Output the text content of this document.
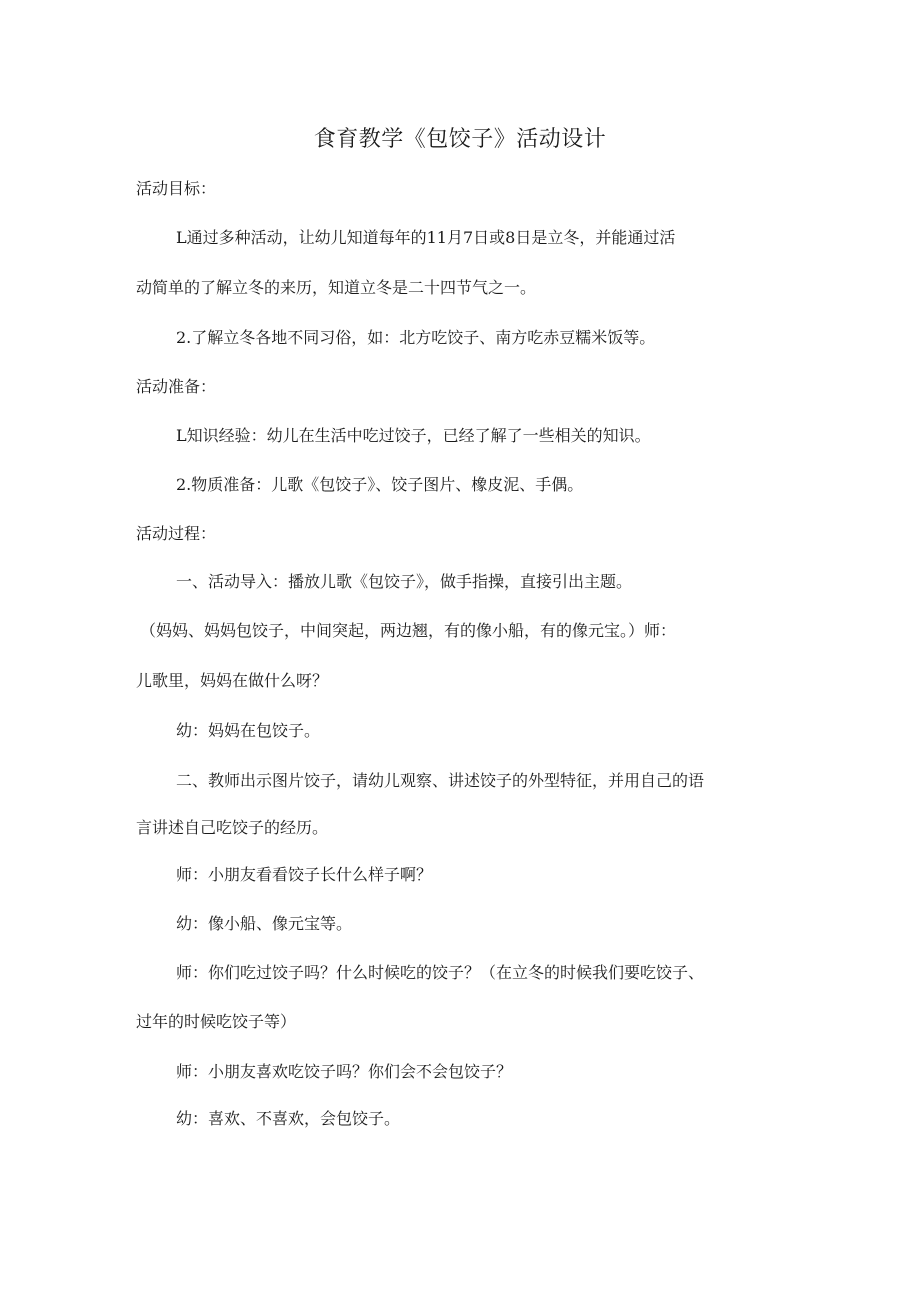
食育教学《包饺子》活动设计
活动目标：
L通过多种活动，让幼儿知道每年的11月7日或8日是立冬，并能通过活
动简单的了解立冬的来历，知道立冬是二十四节气之一。
2.了解立冬各地不同习俗，如：北方吃饺子、南方吃赤豆糯米饭等。
活动准备：
L知识经验：幼儿在生活中吃过饺子，已经了解了一些相关的知识。
2.物质准备：儿歌《包饺子》、饺子图片、橡皮泥、手偶。
活动过程：
一、活动导入：播放儿歌《包饺子》，做手指操，直接引出主题。
（妈妈、妈妈包饺子，中间突起，两边翘，有的像小船，有的像元宝。）师：
儿歌里，妈妈在做什么呀？
幼：妈妈在包饺子。
二、教师出示图片饺子，请幼儿观察、讲述饺子的外型特征，并用自己的语
言讲述自己吃饺子的经历。
师：小朋友看看饺子长什么样子啊？
幼：像小船、像元宝等。
师：你们吃过饺子吗？什么时候吃的饺子？（在立冬的时候我们要吃饺子、
过年的时候吃饺子等）
师：小朋友喜欢吃饺子吗？你们会不会包饺子？
幼：喜欢、不喜欢，会包饺子。
